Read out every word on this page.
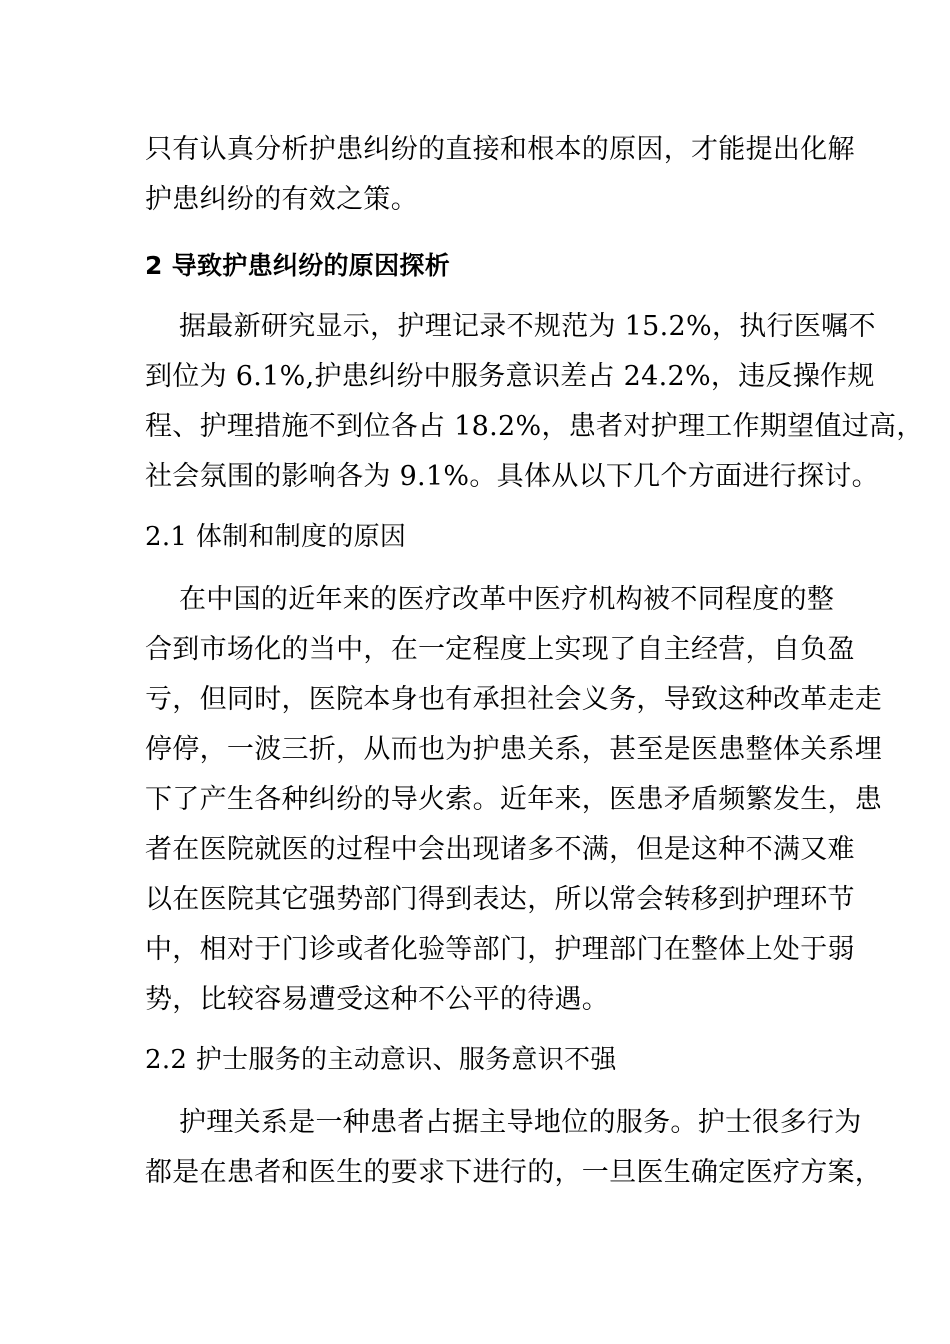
只有认真分析护患纠纷的直接和根本的原因，才能提出化解
护患纠纷的有效之策。
2 导致护患纠纷的原因探析
据最新研究显示，护理记录不规范为 15.2%，执行医嘱不
到位为 6.1%,护患纠纷中服务意识差占 24.2%，违反操作规
程、护理措施不到位各占 18.2%，患者对护理工作期望值过高，
社会氛围的影响各为 9.1%。具体从以下几个方面进行探讨。
2.1 体制和制度的原因
在中国的近年来的医疗改革中医疗机构被不同程度的整
合到市场化的当中，在一定程度上实现了自主经营，自负盈
亏，但同时，医院本身也有承担社会义务，导致这种改革走走
停停，一波三折，从而也为护患关系，甚至是医患整体关系埋
下了产生各种纠纷的导火索。近年来，医患矛盾频繁发生，患
者在医院就医的过程中会出现诸多不满，但是这种不满又难
以在医院其它强势部门得到表达，所以常会转移到护理环节
中，相对于门诊或者化验等部门，护理部门在整体上处于弱
势，比较容易遭受这种不公平的待遇。
2.2 护士服务的主动意识、服务意识不强
护理关系是一种患者占据主导地位的服务。护士很多行为
都是在患者和医生的要求下进行的，一旦医生确定医疗方案，
